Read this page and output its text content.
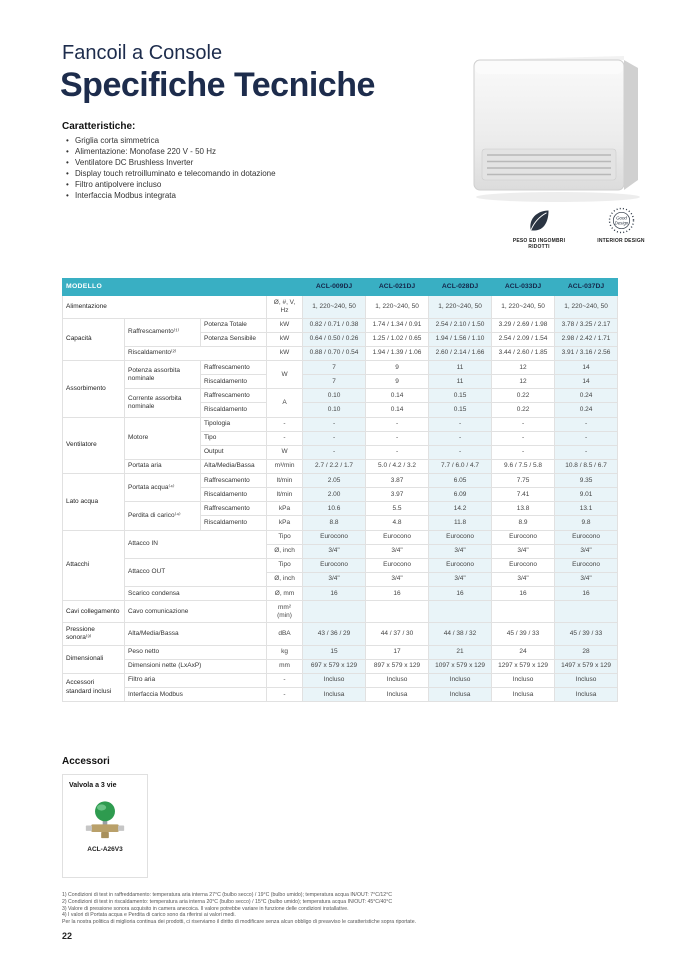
Fancoil a Console
Specifiche Tecniche
Caratteristiche:
• Griglia corta simmetrica
• Alimentazione: Monofase 220 V - 50 Hz
• Ventilatore DC Brushless Inverter
• Display touch retroilluminato e telecomando in dotazione
• Filtro antipolvere incluso
• Interfaccia Modbus integrata
PESO ED INGOMBRI RIDOTTI
Good
Design
INTERIOR DESIGN
MODELLO				ACL-009DJ	ACL-021DJ	ACL-028DJ	ACL-033DJ	ACL-037DJ
Alimentazione			Ø, #, V, Hz	1, 220~240, 50	1, 220~240, 50	1, 220~240, 50	1, 220~240, 50	1, 220~240, 50
Capacità	Raffrescamento⁽¹⁾	Potenza Totale	kW	0.82 / 0.71 / 0.38	1.74 / 1.34 / 0.91	2.54 / 2.10 / 1.50	3.29 / 2.69 / 1.98	3.78 / 3.25 / 2.17
		Potenza Sensibile	kW	0.64 / 0.50 / 0.26	1.25 / 1.02 / 0.65	1.94 / 1.56 / 1.10	2.54 / 2.09 / 1.54	2.98 / 2.42 / 1.71
	Riscaldamento⁽²⁾		kW	0.88 / 0.70 / 0.54	1.94 / 1.39 / 1.06	2.60 / 2.14 / 1.66	3.44 / 2.60 / 1.85	3.91 / 3.16 / 2.56
Assorbimento	Potenza assorbita nominale	Raffrescamento	W	7	9	11	12	14
		Riscaldamento		7	9	11	12	14
	Corrente assorbita nominale	Raffrescamento	A	0.10	0.14	0.15	0.22	0.24
		Riscaldamento		0.10	0.14	0.15	0.22	0.24
Ventilatore	Motore	Tipologia	-	-	-	-	-	-
		Tipo	-	-	-	-	-	-
		Output	W	-	-	-	-	-
	Portata aria	Alta/Media/Bassa	m³/min	2.7 / 2.2 / 1.7	5.0 / 4.2 / 3.2	7.7 / 6.0 / 4.7	9.6 / 7.5 / 5.8	10.8 / 8.5 / 6.7
Lato acqua	Portata acqua⁽⁴⁾	Raffrescamento	lt/min	2.05	3.87	6.05	7.75	9.35
		Riscaldamento	lt/min	2.00	3.97	6.09	7.41	9.01
	Perdita di carico⁽⁴⁾	Raffrescamento	kPa	10.6	5.5	14.2	13.8	13.1
		Riscaldamento	kPa	8.8	4.8	11.8	8.9	9.8
Attacchi	Attacco IN		Tipo	Eurocono	Eurocono	Eurocono	Eurocono	Eurocono
			Ø, inch	3/4"	3/4"	3/4"	3/4"	3/4"
	Attacco OUT		Tipo	Eurocono	Eurocono	Eurocono	Eurocono	Eurocono
			Ø, inch	3/4"	3/4"	3/4"	3/4"	3/4"
	Scarico condensa		Ø, mm	16	16	16	16	16
Cavi collegamento	Cavo comunicazione		mm² (min)					
Pressione sonora⁽³⁾	Alta/Media/Bassa		dBA	43 / 36 / 29	44 / 37 / 30	44 / 38 / 32	45 / 39 / 33	45 / 39 / 33
Dimensionali	Peso netto		kg	15	17	21	24	28
	Dimensioni nette (LxAxP)		mm	697 x 579 x 129	897 x 579 x 129	1097 x 579 x 129	1297 x 579 x 129	1497 x 579 x 129
Accessori standard inclusi	Filtro aria		-	Incluso	Incluso	Incluso	Incluso	Incluso
	Interfaccia Modbus		-	Inclusa	Inclusa	Inclusa	Inclusa	Inclusa
Accessori
Valvola a 3 vie
ACL-A26V3
1) Condizioni di test in raffreddamento: temperatura aria interna 27°C (bulbo secco) / 19°C (bulbo umido); temperatura acqua IN/OUT: 7°C/12°C
2) Condizioni di test in riscaldamento: temperatura aria interna 20°C (bulbo secco) / 15°C (bulbo umido); temperatura acqua IN/OUT: 45°C/40°C
3) Valore di pressione sonora acquisito in camera anecoica. Il valore potrebbe variare in funzione delle condizioni installative.
4) I valori di Portata acqua e Perdita di carico sono da riferirsi ai valori medi.
Per la nostra politica di miglioria continua dei prodotti, ci riserviamo il diritto di modificare senza alcun obbligo di preavviso le caratteristiche sopra riportate.
22
